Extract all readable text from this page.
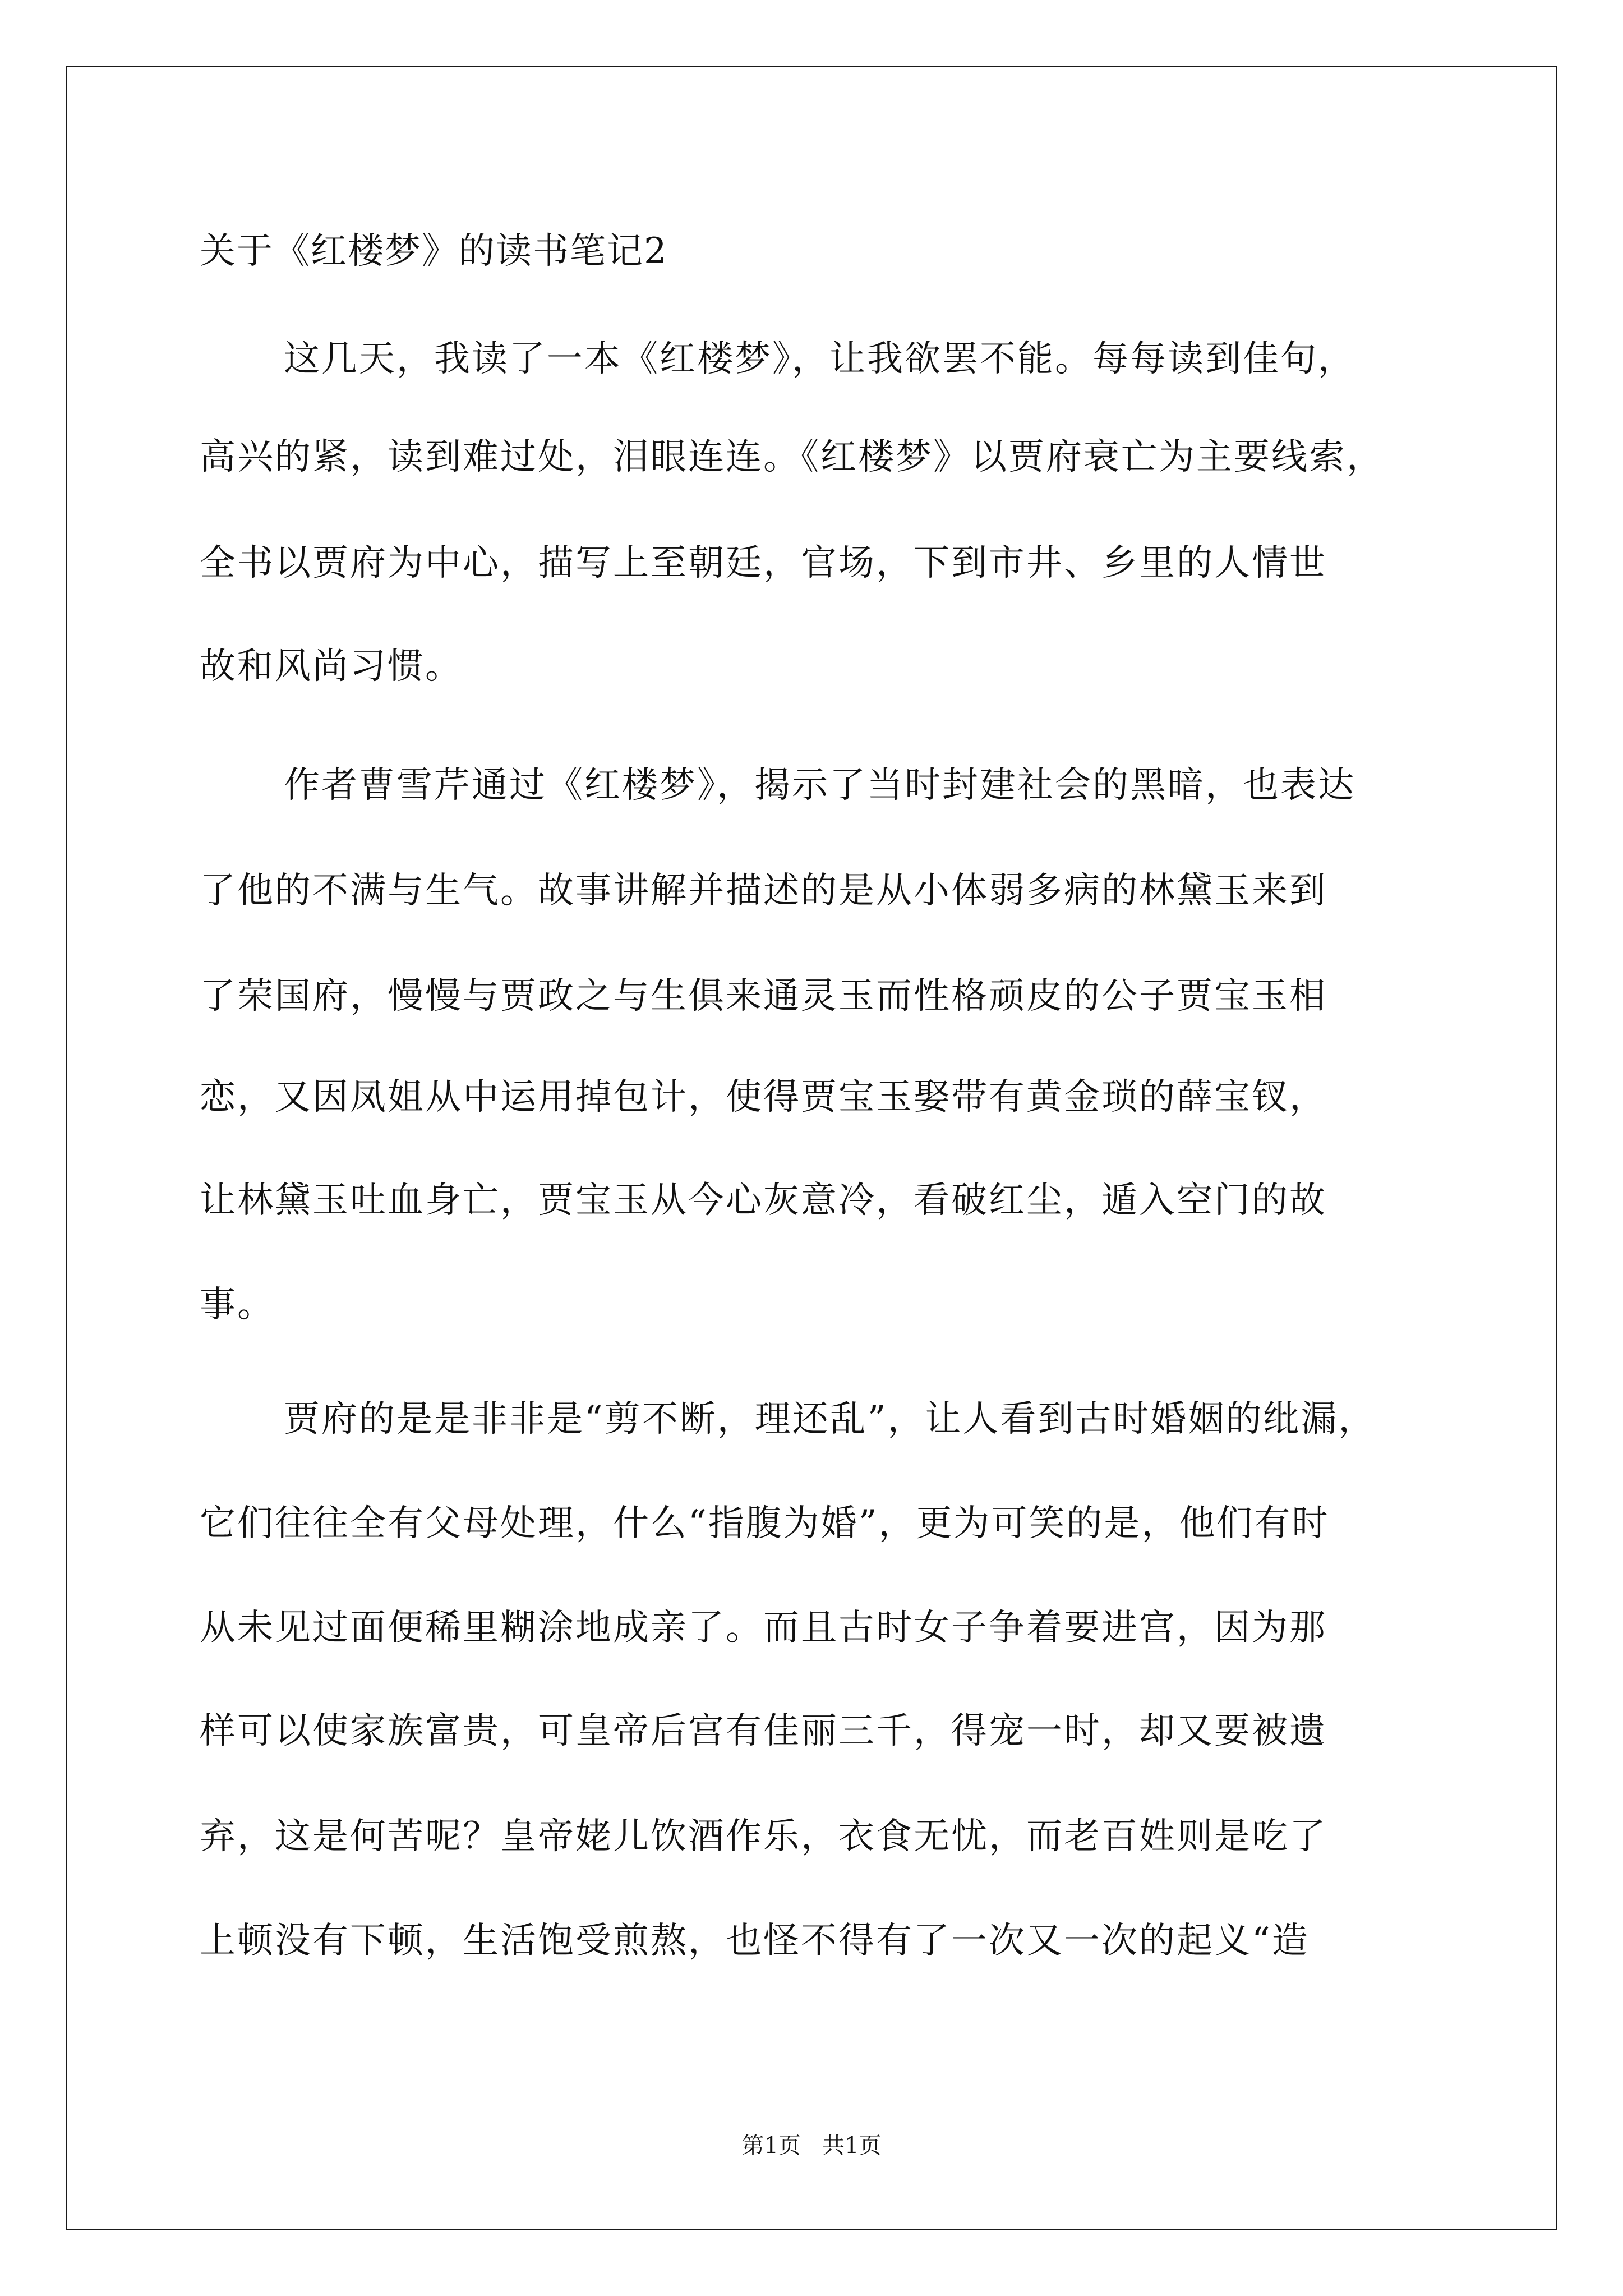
关于《红楼梦》的读书笔记2
这几天，我读了一本《红楼梦》，让我欲罢不能。每每读到佳句，
高兴的紧，读到难过处，泪眼连连。《红楼梦》以贾府衰亡为主要线索，
全书以贾府为中心，描写上至朝廷，官场，下到市井、乡里的人情世
故和风尚习惯。
作者曹雪芹通过《红楼梦》，揭示了当时封建社会的黑暗，也表达
了他的不满与生气。故事讲解并描述的是从小体弱多病的林黛玉来到
了荣国府，慢慢与贾政之与生俱来通灵玉而性格顽皮的公子贾宝玉相
恋，又因凤姐从中运用掉包计，使得贾宝玉娶带有黄金琐的薛宝钗，
让林黛玉吐血身亡，贾宝玉从今心灰意冷，看破红尘，遁入空门的故
事。
贾府的是是非非是“剪不断，理还乱”，让人看到古时婚姻的纰漏，
它们往往全有父母处理，什么“指腹为婚”，更为可笑的是，他们有时
从未见过面便稀里糊涂地成亲了。而且古时女子争着要进宫，因为那
样可以使家族富贵，可皇帝后宫有佳丽三千，得宠一时，却又要被遗
弃，这是何苦呢？皇帝姥儿饮酒作乐，衣食无忧，而老百姓则是吃了
上顿没有下顿，生活饱受煎熬，也怪不得有了一次又一次的起义“造
第1页   共1页
